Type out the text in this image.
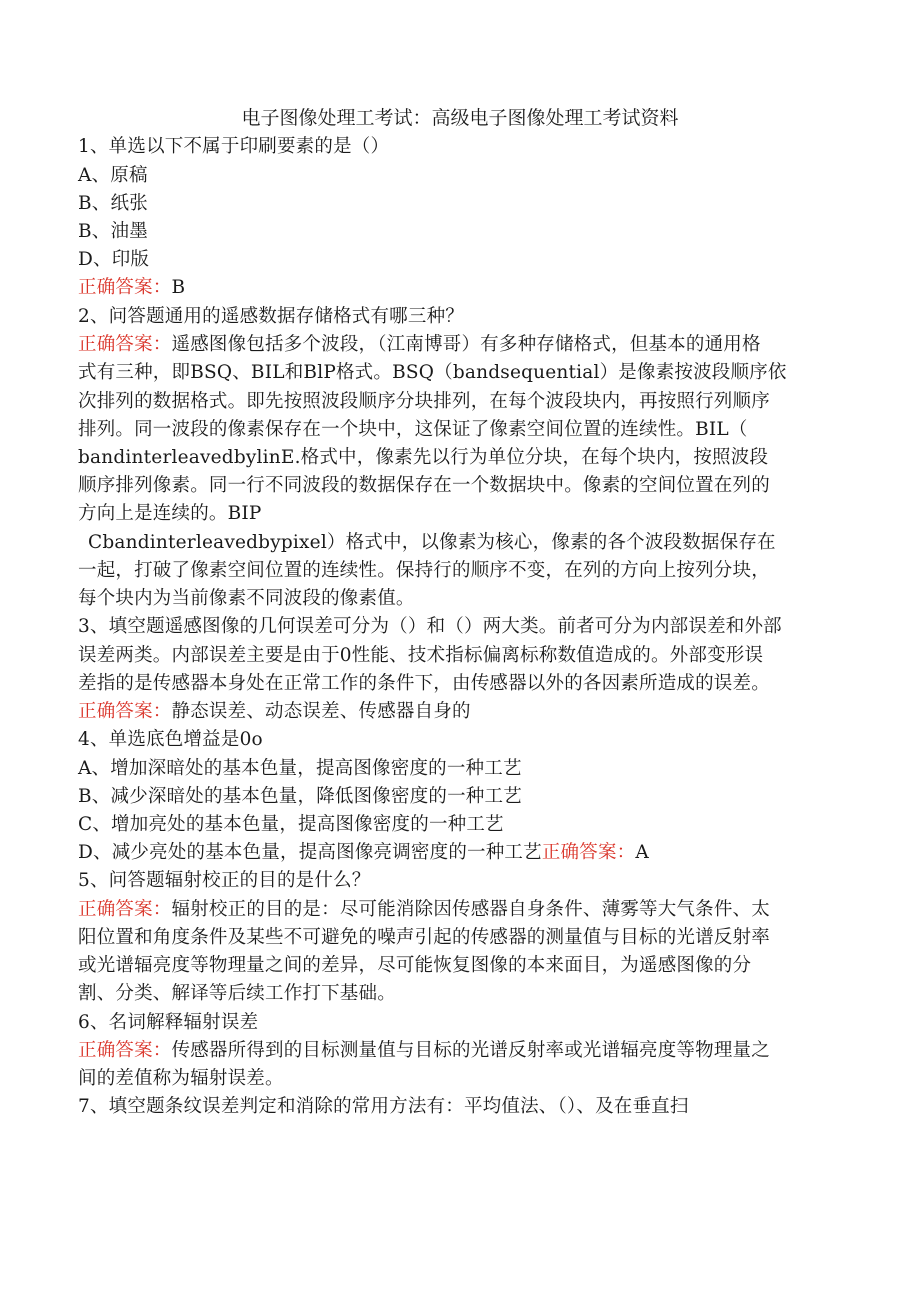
电子图像处理工考试：高级电子图像处理工考试资料
1、单选以下不属于印刷要素的是（）
A、原稿
B、纸张
B、油墨
D、印版
正确答案：B
2、问答题通用的遥感数据存储格式有哪三种？
正确答案：遥感图像包括多个波段，（江南博哥）有多种存储格式，但基本的通用格
式有三种，即BSQ、BIL和BlP格式。BSQ（bandsequential）是像素按波段顺序依
次排列的数据格式。即先按照波段顺序分块排列，在每个波段块内，再按照行列顺序
排列。同一波段的像素保存在一个块中，这保证了像素空间位置的连续性。BIL（
bandinterleavedbylinE.格式中，像素先以行为单位分块，在每个块内，按照波段
顺序排列像素。同一行不同波段的数据保存在一个数据块中。像素的空间位置在列的
方向上是连续的。BIP
Cbandinterleavedbypixel）格式中，以像素为核心，像素的各个波段数据保存在
一起，打破了像素空间位置的连续性。保持行的顺序不变，在列的方向上按列分块，
每个块内为当前像素不同波段的像素值。
3、填空题遥感图像的几何误差可分为（）和（）两大类。前者可分为内部误差和外部
误差两类。内部误差主要是由于0性能、技术指标偏离标称数值造成的。外部变形误
差指的是传感器本身处在正常工作的条件下，由传感器以外的各因素所造成的误差。
正确答案：静态误差、动态误差、传感器自身的
4、单选底色增益是0o
A、增加深暗处的基本色量，提高图像密度的一种工艺
B、减少深暗处的基本色量，降低图像密度的一种工艺
C、增加亮处的基本色量，提高图像密度的一种工艺
D、减少亮处的基本色量，提高图像亮调密度的一种工艺正确答案：A
5、问答题辐射校正的目的是什么？
正确答案：辐射校正的目的是：尽可能消除因传感器自身条件、薄雾等大气条件、太
阳位置和角度条件及某些不可避免的噪声引起的传感器的测量值与目标的光谱反射率
或光谱辐亮度等物理量之间的差异，尽可能恢复图像的本来面目，为遥感图像的分
割、分类、解译等后续工作打下基础。
6、名词解释辐射误差
正确答案：传感器所得到的目标测量值与目标的光谱反射率或光谱辐亮度等物理量之
间的差值称为辐射误差。
7、填空题条纹误差判定和消除的常用方法有：平均值法、（）、及在垂直扫
